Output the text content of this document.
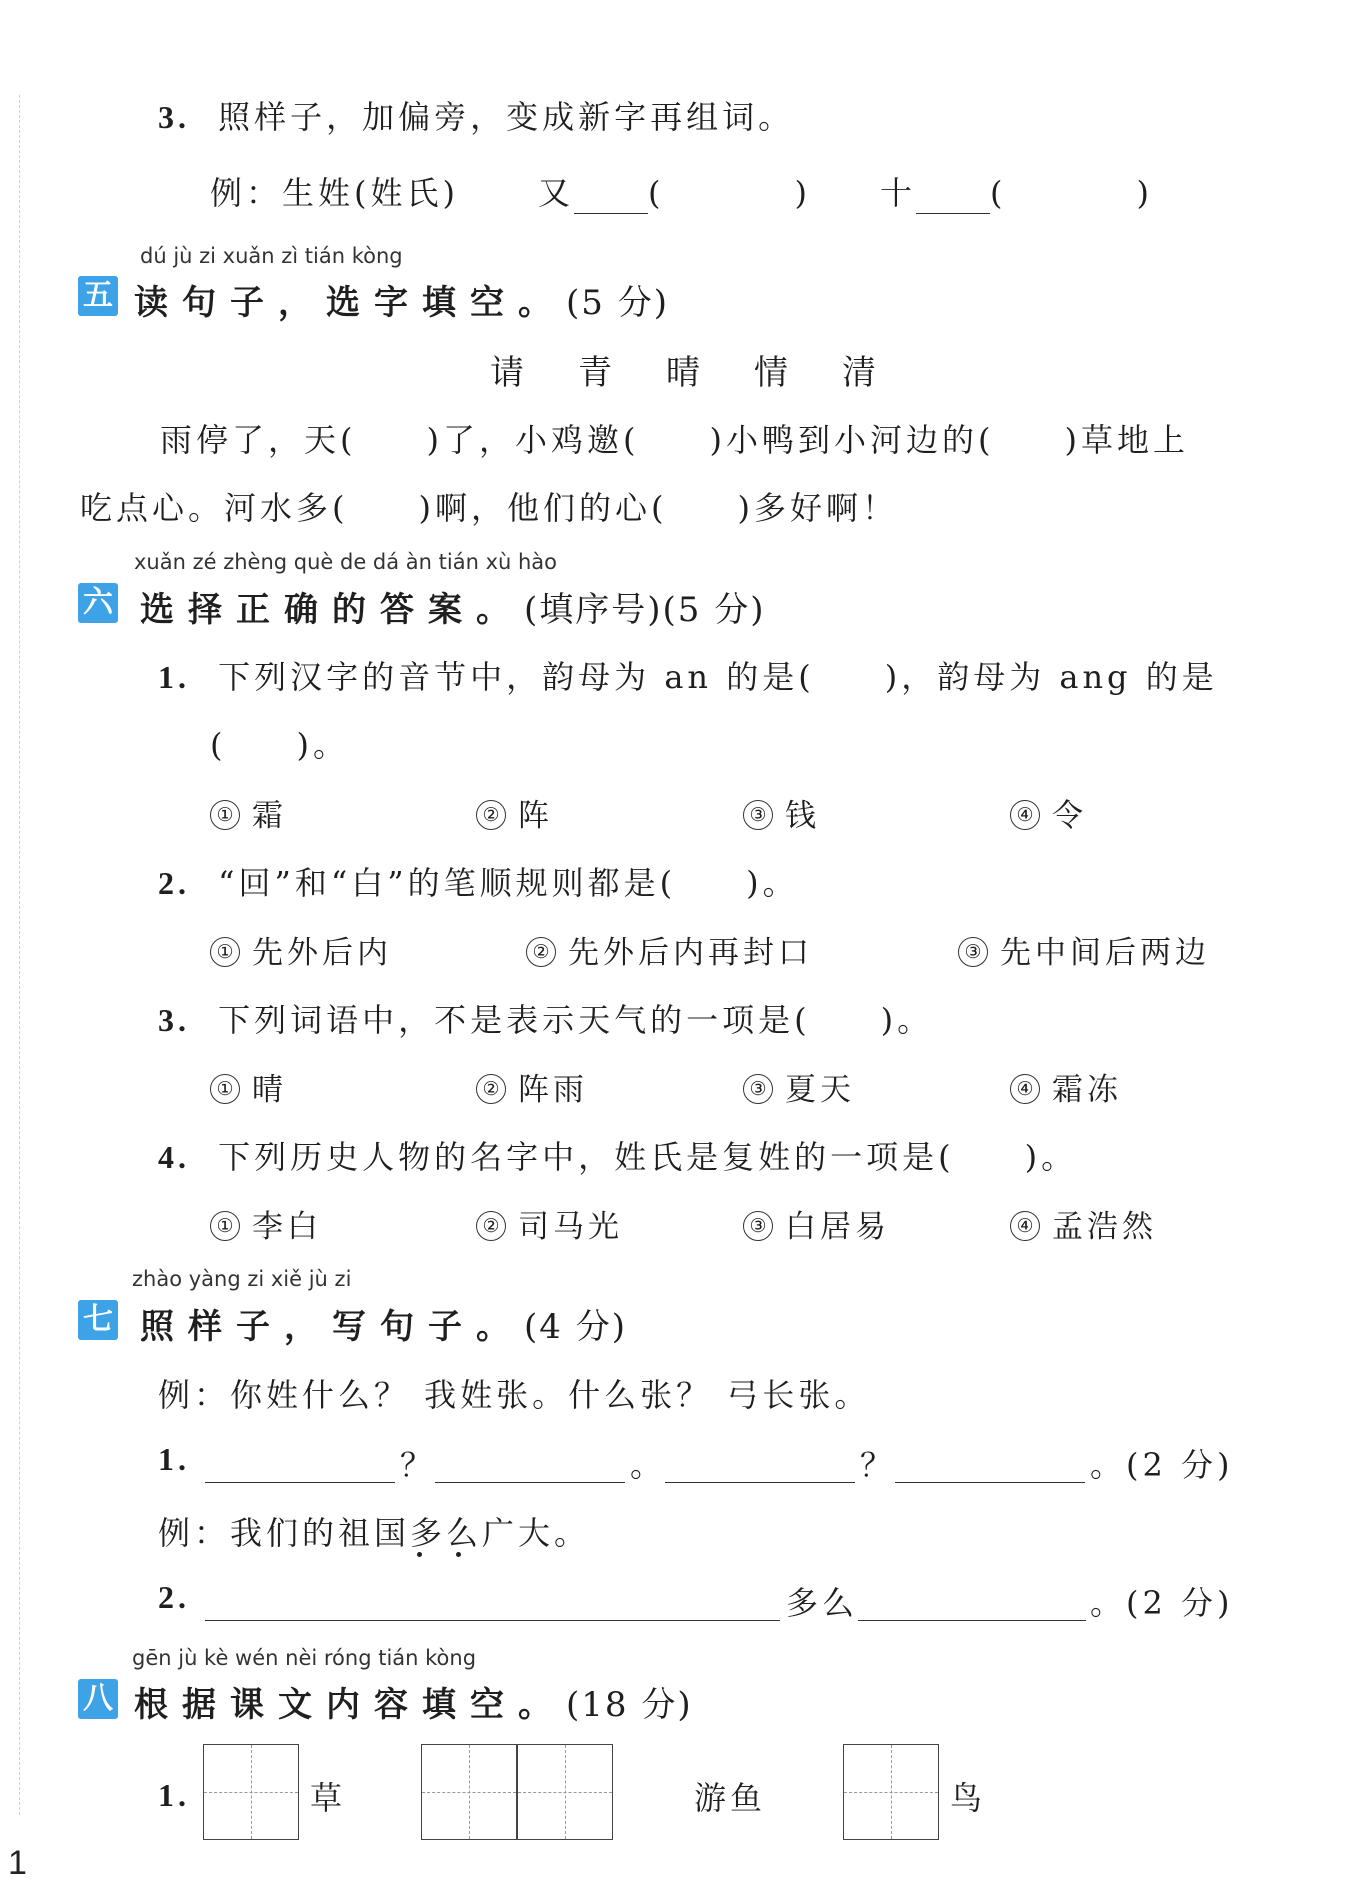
3. 照样子，加偏旁，变成新字再组词。
例：生姓(姓氏) 又 (	) 十 (	)
dú jù zi xuǎn zì tián kòng
五 读句子，选字填空。(5 分)
请　青　晴　情　清
雨停了，天( )了，小鸡邀( )小鸭到小河边的( )草地上
吃点心。河水多( )啊，他们的心( )多好啊！
xuǎn zé zhèng què de dá àn tián xù hào
六 选择正确的答案。(填序号)(5 分)
1. 下列汉字的音节中，韵母为 an 的是( )，韵母为 ang 的是
( )。
① 霜	② 阵	③ 钱	④ 令
2. “回”和“白”的笔顺规则都是( )。
① 先外后内	② 先外后内再封口	③ 先中间后两边
3. 下列词语中，不是表示天气的一项是( )。
① 晴	② 阵雨	③ 夏天	④ 霜冻
4. 下列历史人物的名字中，姓氏是复姓的一项是( )。
① 李白	② 司马光	③ 白居易	④ 孟浩然
zhào yàng zi xiě jù zi
七 照样子，写句子。(4 分)
例：你姓什么？ 我姓张。什么张？ 弓长张。
1.	？	。	？	。(2 分)
例：我们的祖国多么广大。
2.	多么	。(2 分)
gēn jù kè wén nèi róng tián kòng
八 根据课文内容填空。(18 分)
1.	草	游鱼	鸟
1
